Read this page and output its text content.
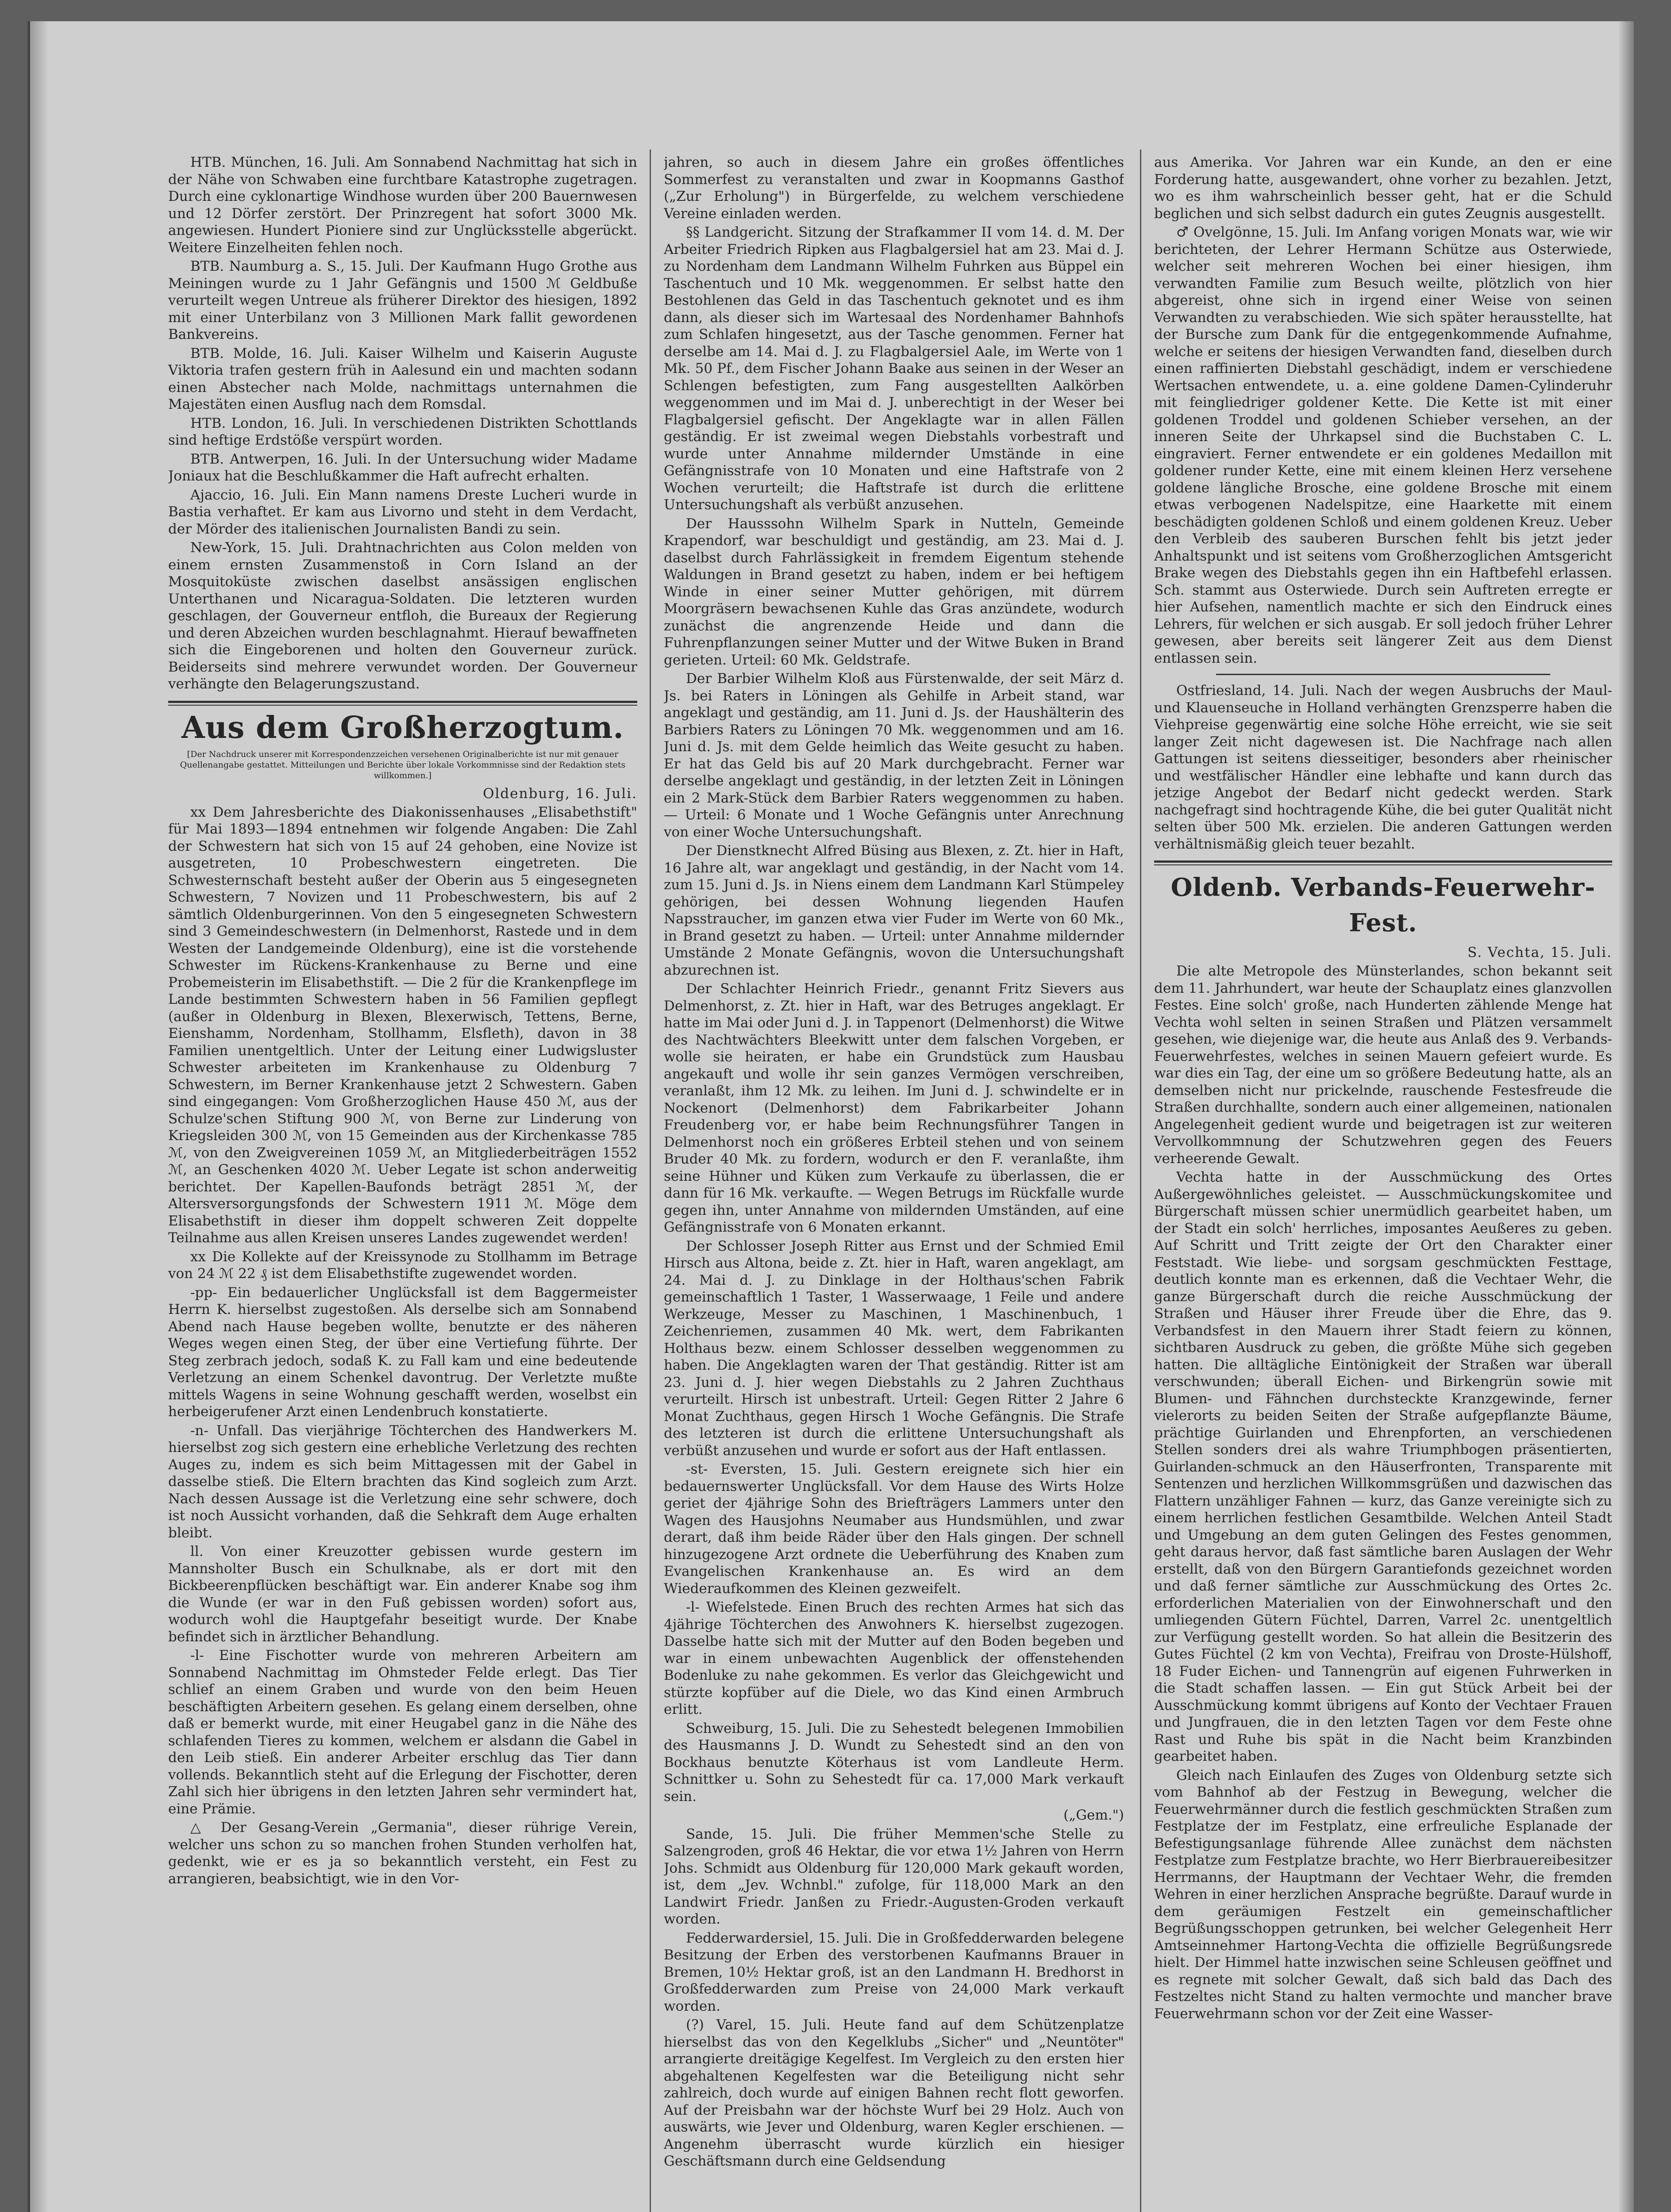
HTB. München, 16. Juli. Am Sonnabend Nachmittag hat sich in der Nähe von Schwaben eine furchtbare Katastrophe zugetragen. Durch eine cyklonartige Windhose wurden über 200 Bauernwesen und 12 Dörfer zerstört. Der Prinzregent hat sofort 3000 Mk. angewiesen. Hundert Pioniere sind zur Unglücksstelle abgerückt. Weitere Einzelheiten fehlen noch.

BTB. Naumburg a. S., 15. Juli. Der Kaufmann Hugo Grothe aus Meiningen wurde zu 1 Jahr Gefängnis und 1500 ℳ Geldbuße verurteilt wegen Untreue als früherer Direktor des hiesigen, 1892 mit einer Unterbilanz von 3 Millionen Mark fallit gewordenen Bankvereins.

BTB. Molde, 16. Juli. Kaiser Wilhelm und Kaiserin Auguste Viktoria trafen gestern früh in Aalesund ein und machten sodann einen Abstecher nach Molde, nachmittags unternahmen die Majestäten einen Ausflug nach dem Romsdal.

HTB. London, 16. Juli. In verschiedenen Distrikten Schottlands sind heftige Erdstöße verspürt worden.

BTB. Antwerpen, 16. Juli. In der Untersuchung wider Madame Joniaux hat die Beschlußkammer die Haft aufrecht erhalten.

Ajaccio, 16. Juli. Ein Mann namens Dreste Lucheri wurde in Bastia verhaftet. Er kam aus Livorno und steht in dem Verdacht, der Mörder des italienischen Journalisten Bandi zu sein.

New-York, 15. Juli. Drahtnachrichten aus Colon melden von einem ernsten Zusammenstoß in Corn Island an der Mosquitoküste zwischen daselbst ansässigen englischen Unterthanen und Nicaragua-Soldaten. Die letzteren wurden geschlagen, der Gouverneur entfloh, die Bureaux der Regierung und deren Abzeichen wurden beschlagnahmt. Hierauf bewaffneten sich die Eingeborenen und holten den Gouverneur zurück. Beiderseits sind mehrere verwundet worden. Der Gouverneur verhängte den Belagerungszustand.

Aus dem Großherzogtum.
[Der Nachdruck unserer mit Korrespondenzzeichen versehenen Originalberichte ist nur mit genauer Quellenangabe gestattet. Mitteilungen und Berichte über lokale Vorkommnisse sind der Redaktion stets willkommen.]
Oldenburg, 16. Juli.

xx Dem Jahresberichte des Diakonissenhauses „Elisabethstift" für Mai 1893—1894 entnehmen wir folgende Angaben: Die Zahl der Schwestern hat sich von 15 auf 24 gehoben, eine Novize ist ausgetreten, 10 Probeschwestern eingetreten. Die Schwesternschaft besteht außer der Oberin aus 5 eingesegneten Schwestern, 7 Novizen und 11 Probeschwestern, bis auf 2 sämtlich Oldenburgerinnen. Von den 5 eingesegneten Schwestern sind 3 Gemeindeschwestern (in Delmenhorst, Rastede und in dem Westen der Landgemeinde Oldenburg), eine ist die vorstehende Schwester im Rückens-Krankenhause zu Berne und eine Probemeisterin im Elisabethstift. — Die 2 für die Krankenpflege im Lande bestimmten Schwestern haben in 56 Familien gepflegt (außer in Oldenburg in Blexen, Blexerwisch, Tettens, Berne, Eienshamm, Nordenham, Stollhamm, Elsfleth), davon in 38 Familien unentgeltlich. Unter der Leitung einer Ludwigsluster Schwester arbeiteten im Krankenhause zu Oldenburg 7 Schwestern, im Berner Krankenhause jetzt 2 Schwestern. Gaben sind eingegangen: Vom Großherzoglichen Hause 450 ℳ, aus der Schulze'schen Stiftung 900 ℳ, von Berne zur Linderung von Kriegsleiden 300 ℳ, von 15 Gemeinden aus der Kirchenkasse 785 ℳ, von den Zweigvereinen 1059 ℳ, an Mitgliederbeiträgen 1552 ℳ, an Geschenken 4020 ℳ. Ueber Legate ist schon anderweitig berichtet. Der Kapellen-Baufonds beträgt 2851 ℳ, der Altersversorgungsfonds der Schwestern 1911 ℳ. Möge dem Elisabethstift in dieser ihm doppelt schweren Zeit doppelte Teilnahme aus allen Kreisen unseres Landes zugewendet werden!

xx Die Kollekte auf der Kreissynode zu Stollhamm im Betrage von 24 ℳ 22 ₰ ist dem Elisabethstifte zugewendet worden.

-pp- Ein bedauerlicher Unglücksfall ist dem Baggermeister Herrn K. hierselbst zugestoßen. Als derselbe sich am Sonnabend Abend nach Hause begeben wollte, benutzte er des näheren Weges wegen einen Steg, der über eine Vertiefung führte. Der Steg zerbrach jedoch, sodaß K. zu Fall kam und eine bedeutende Verletzung an einem Schenkel davontrug. Der Verletzte mußte mittels Wagens in seine Wohnung geschafft werden, woselbst ein herbeigerufener Arzt einen Lendenbruch konstatierte.

-n- Unfall. Das vierjährige Töchterchen des Handwerkers M. hierselbst zog sich gestern eine erhebliche Verletzung des rechten Auges zu, indem es sich beim Mittagessen mit der Gabel in dasselbe stieß. Die Eltern brachten das Kind sogleich zum Arzt. Nach dessen Aussage ist die Verletzung eine sehr schwere, doch ist noch Aussicht vorhanden, daß die Sehkraft dem Auge erhalten bleibt.

ll. Von einer Kreuzotter gebissen wurde gestern im Mannsholter Busch ein Schulknabe, als er dort mit den Bickbeerenpflücken beschäftigt war. Ein anderer Knabe sog ihm die Wunde (er war in den Fuß gebissen worden) sofort aus, wodurch wohl die Hauptgefahr beseitigt wurde. Der Knabe befindet sich in ärztlicher Behandlung.

-l- Eine Fischotter wurde von mehreren Arbeitern am Sonnabend Nachmittag im Ohmsteder Felde erlegt. Das Tier schlief an einem Graben und wurde von den beim Heuen beschäftigten Arbeitern gesehen. Es gelang einem derselben, ohne daß er bemerkt wurde, mit einer Heugabel ganz in die Nähe des schlafenden Tieres zu kommen, welchem er alsdann die Gabel in den Leib stieß. Ein anderer Arbeiter erschlug das Tier dann vollends. Bekanntlich steht auf die Erlegung der Fischotter, deren Zahl sich hier übrigens in den letzten Jahren sehr vermindert hat, eine Prämie.

△ Der Gesang-Verein „Germania", dieser rührige Verein, welcher uns schon zu so manchen frohen Stunden verholfen hat, gedenkt, wie er es ja so bekanntlich versteht, ein Fest zu arrangieren, beabsichtigt, wie in den Vor-

jahren, so auch in diesem Jahre ein großes öffentliches Sommerfest zu veranstalten und zwar in Koopmanns Gasthof („Zur Erholung") in Bürgerfelde, zu welchem verschiedene Vereine einladen werden.

§§ Landgericht. Sitzung der Strafkammer II vom 14. d. M. Der Arbeiter Friedrich Ripken aus Flagbalgersiel hat am 23. Mai d. J. zu Nordenham dem Landmann Wilhelm Fuhrken aus Büppel ein Taschentuch und 10 Mk. weggenommen. Er selbst hatte den Bestohlenen das Geld in das Taschentuch geknotet und es ihm dann, als dieser sich im Wartesaal des Nordenhamer Bahnhofs zum Schlafen hingesetzt, aus der Tasche genommen. Ferner hat derselbe am 14. Mai d. J. zu Flagbalgersiel Aale, im Werte von 1 Mk. 50 Pf., dem Fischer Johann Baake aus seinen in der Weser an Schlengen befestigten, zum Fang ausgestellten Aalkörben weggenommen und im Mai d. J. unberechtigt in der Weser bei Flagbalgersiel gefischt. Der Angeklagte war in allen Fällen geständig. Er ist zweimal wegen Diebstahls vorbestraft und wurde unter Annahme mildernder Umstände in eine Gefängnisstrafe von 10 Monaten und eine Haftstrafe von 2 Wochen verurteilt; die Haftstrafe ist durch die erlittene Untersuchungshaft als verbüßt anzusehen.

Der Hausssohn Wilhelm Spark in Nutteln, Gemeinde Krapendorf, war beschuldigt und geständig, am 23. Mai d. J. daselbst durch Fahrlässigkeit in fremdem Eigentum stehende Waldungen in Brand gesetzt zu haben, indem er bei heftigem Winde in einer seiner Mutter gehörigen, mit dürrem Moorgräsern bewachsenen Kuhle das Gras anzündete, wodurch zunächst die angrenzende Heide und dann die Fuhrenpflanzungen seiner Mutter und der Witwe Buken in Brand gerieten. Urteil: 60 Mk. Geldstrafe.

Der Barbier Wilhelm Kloß aus Fürstenwalde, der seit März d. Js. bei Raters in Löningen als Gehilfe in Arbeit stand, war angeklagt und geständig, am 11. Juni d. Js. der Haushälterin des Barbiers Raters zu Löningen 70 Mk. weggenommen und am 16. Juni d. Js. mit dem Gelde heimlich das Weite gesucht zu haben. Er hat das Geld bis auf 20 Mark durchgebracht. Ferner war derselbe angeklagt und geständig, in der letzten Zeit in Löningen ein 2 Mark-Stück dem Barbier Raters weggenommen zu haben. — Urteil: 6 Monate und 1 Woche Gefängnis unter Anrechnung von einer Woche Untersuchungshaft.

Der Dienstknecht Alfred Büsing aus Blexen, z. Zt. hier in Haft, 16 Jahre alt, war angeklagt und geständig, in der Nacht vom 14. zum 15. Juni d. Js. in Niens einem dem Landmann Karl Stümpeley gehörigen, bei dessen Wohnung liegenden Haufen Napsstraucher, im ganzen etwa vier Fuder im Werte von 60 Mk., in Brand gesetzt zu haben. — Urteil: unter Annahme mildernder Umstände 2 Monate Gefängnis, wovon die Untersuchungshaft abzurechnen ist.

Der Schlachter Heinrich Friedr., genannt Fritz Sievers aus Delmenhorst, z. Zt. hier in Haft, war des Betruges angeklagt. Er hatte im Mai oder Juni d. J. in Tappenort (Delmenhorst) die Witwe des Nachtwächters Bleekwitt unter dem falschen Vorgeben, er wolle sie heiraten, er habe ein Grundstück zum Hausbau angekauft und wolle ihr sein ganzes Vermögen verschreiben, veranlaßt, ihm 12 Mk. zu leihen. Im Juni d. J. schwindelte er in Nockenort (Delmenhorst) dem Fabrikarbeiter Johann Freudenberg vor, er habe beim Rechnungsführer Tangen in Delmenhorst noch ein größeres Erbteil stehen und von seinem Bruder 40 Mk. zu fordern, wodurch er den F. veranlaßte, ihm seine Hühner und Küken zum Verkaufe zu überlassen, die er dann für 16 Mk. verkaufte. — Wegen Betrugs im Rückfalle wurde gegen ihn, unter Annahme von mildernden Umständen, auf eine Gefängnisstrafe von 6 Monaten erkannt.

Der Schlosser Joseph Ritter aus Ernst und der Schmied Emil Hirsch aus Altona, beide z. Zt. hier in Haft, waren angeklagt, am 24. Mai d. J. zu Dinklage in der Holthaus'schen Fabrik gemeinschaftlich 1 Taster, 1 Wasserwaage, 1 Feile und andere Werkzeuge, Messer zu Maschinen, 1 Maschinenbuch, 1 Zeichenriemen, zusammen 40 Mk. wert, dem Fabrikanten Holthaus bezw. einem Schlosser desselben weggenommen zu haben. Die Angeklagten waren der That geständig. Ritter ist am 23. Juni d. J. hier wegen Diebstahls zu 2 Jahren Zuchthaus verurteilt. Hirsch ist unbestraft. Urteil: Gegen Ritter 2 Jahre 6 Monat Zuchthaus, gegen Hirsch 1 Woche Gefängnis. Die Strafe des letzteren ist durch die erlittene Untersuchungshaft als verbüßt anzusehen und wurde er sofort aus der Haft entlassen.

-st- Eversten, 15. Juli. Gestern ereignete sich hier ein bedauernswerter Unglücksfall. Vor dem Hause des Wirts Holze geriet der 4jährige Sohn des Briefträgers Lammers unter den Wagen des Hausjohns Neumaber aus Hundsmühlen, und zwar derart, daß ihm beide Räder über den Hals gingen. Der schnell hinzugezogene Arzt ordnete die Ueberführung des Knaben zum Evangelischen Krankenhause an. Es wird an dem Wiederaufkommen des Kleinen gezweifelt.

-l- Wiefelstede. Einen Bruch des rechten Armes hat sich das 4jährige Töchterchen des Anwohners K. hierselbst zugezogen. Dasselbe hatte sich mit der Mutter auf den Boden begeben und war in einem unbewachten Augenblick der offenstehenden Bodenluke zu nahe gekommen. Es verlor das Gleichgewicht und stürzte kopfüber auf die Diele, wo das Kind einen Armbruch erlitt.

Schweiburg, 15. Juli. Die zu Sehestedt belegenen Immobilien des Hausmanns J. D. Wundt zu Sehestedt sind an den von Bockhaus benutzte Köterhaus ist vom Landleute Herm. Schnittker u. Sohn zu Sehestedt für ca. 17,000 Mark verkauft sein.

(„Gem.")

Sande, 15. Juli. Die früher Memmen'sche Stelle zu Salzengroden, groß 46 Hektar, die vor etwa 1½ Jahren von Herrn Johs. Schmidt aus Oldenburg für 120,000 Mark gekauft worden, ist, dem „Jev. Wchnbl." zufolge, für 118,000 Mark an den Landwirt Friedr. Janßen zu Friedr.-Augusten-Groden verkauft worden.

Fedderwardersiel, 15. Juli. Die in Großfedderwarden belegene Besitzung der Erben des verstorbenen Kaufmanns Brauer in Bremen, 10½ Hektar groß, ist an den Landmann H. Bredhorst in Großfedderwarden zum Preise von 24,000 Mark verkauft worden.

(?) Varel, 15. Juli. Heute fand auf dem Schützenplatze hierselbst das von den Kegelklubs „Sicher" und „Neuntöter" arrangierte dreitägige Kegelfest. Im Vergleich zu den ersten hier abgehaltenen Kegelfesten war die Beteiligung nicht sehr zahlreich, doch wurde auf einigen Bahnen recht flott geworfen. Auf der Preisbahn war der höchste Wurf bei 29 Holz. Auch von auswärts, wie Jever und Oldenburg, waren Kegler erschienen. — Angenehm überrascht wurde kürzlich ein hiesiger Geschäftsmann durch eine Geldsendung

aus Amerika. Vor Jahren war ein Kunde, an den er eine Forderung hatte, ausgewandert, ohne vorher zu bezahlen. Jetzt, wo es ihm wahrscheinlich besser geht, hat er die Schuld beglichen und sich selbst dadurch ein gutes Zeugnis ausgestellt.

♂ Ovelgönne, 15. Juli. Im Anfang vorigen Monats war, wie wir berichteten, der Lehrer Hermann Schütze aus Osterwiede, welcher seit mehreren Wochen bei einer hiesigen, ihm verwandten Familie zum Besuch weilte, plötzlich von hier abgereist, ohne sich in irgend einer Weise von seinen Verwandten zu verabschieden. Wie sich später herausstellte, hat der Bursche zum Dank für die entgegenkommende Aufnahme, welche er seitens der hiesigen Verwandten fand, dieselben durch einen raffinierten Diebstahl geschädigt, indem er verschiedene Wertsachen entwendete, u. a. eine goldene Damen-Cylinderuhr mit feingliedriger goldener Kette. Die Kette ist mit einer goldenen Troddel und goldenen Schieber versehen, an der inneren Seite der Uhrkapsel sind die Buchstaben C. L. eingraviert. Ferner entwendete er ein goldenes Medaillon mit goldener runder Kette, eine mit einem kleinen Herz versehene goldene längliche Brosche, eine goldene Brosche mit einem etwas verbogenen Nadelspitze, eine Haarkette mit einem beschädigten goldenen Schloß und einem goldenen Kreuz. Ueber den Verbleib des sauberen Burschen fehlt bis jetzt jeder Anhaltspunkt und ist seitens vom Großherzoglichen Amtsgericht Brake wegen des Diebstahls gegen ihn ein Haftbefehl erlassen. Sch. stammt aus Osterwiede. Durch sein Auftreten erregte er hier Aufsehen, namentlich machte er sich den Eindruck eines Lehrers, für welchen er sich ausgab. Er soll jedoch früher Lehrer gewesen, aber bereits seit längerer Zeit aus dem Dienst entlassen sein.

Ostfriesland, 14. Juli. Nach der wegen Ausbruchs der Maul- und Klauenseuche in Holland verhängten Grenzsperre haben die Viehpreise gegenwärtig eine solche Höhe erreicht, wie sie seit langer Zeit nicht dagewesen ist. Die Nachfrage nach allen Gattungen ist seitens diesseitiger, besonders aber rheinischer und westfälischer Händler eine lebhafte und kann durch das jetzige Angebot der Bedarf nicht gedeckt werden. Stark nachgefragt sind hochtragende Kühe, die bei guter Qualität nicht selten über 500 Mk. erzielen. Die anderen Gattungen werden verhältnismäßig gleich teuer bezahlt.

Oldenb. Verbands-Feuerwehr-Fest.
S. Vechta, 15. Juli.

Die alte Metropole des Münsterlandes, schon bekannt seit dem 11. Jahrhundert, war heute der Schauplatz eines glanzvollen Festes. Eine solch' große, nach Hunderten zählende Menge hat Vechta wohl selten in seinen Straßen und Plätzen versammelt gesehen, wie diejenige war, die heute aus Anlaß des 9. Verbands-Feuerwehrfestes, welches in seinen Mauern gefeiert wurde. Es war dies ein Tag, der eine um so größere Bedeutung hatte, als an demselben nicht nur prickelnde, rauschende Festesfreude die Straßen durchhallte, sondern auch einer allgemeinen, nationalen Angelegenheit gedient wurde und beigetragen ist zur weiteren Vervollkommnung der Schutzwehren gegen des Feuers verheerende Gewalt.

Vechta hatte in der Ausschmückung des Ortes Außergewöhnliches geleistet. — Ausschmückungskomitee und Bürgerschaft müssen schier unermüdlich gearbeitet haben, um der Stadt ein solch' herrliches, imposantes Aeußeres zu geben. Auf Schritt und Tritt zeigte der Ort den Charakter einer Feststadt. Wie liebe- und sorgsam geschmückten Festtage, deutlich konnte man es erkennen, daß die Vechtaer Wehr, die ganze Bürgerschaft durch die reiche Ausschmückung der Straßen und Häuser ihrer Freude über die Ehre, das 9. Verbandsfest in den Mauern ihrer Stadt feiern zu können, sichtbaren Ausdruck zu geben, die größte Mühe sich gegeben hatten. Die alltägliche Eintönigkeit der Straßen war überall verschwunden; überall Eichen- und Birkengrün sowie mit Blumen- und Fähnchen durchsteckte Kranzgewinde, ferner vielerorts zu beiden Seiten der Straße aufgepflanzte Bäume, prächtige Guirlanden und Ehrenpforten, an verschiedenen Stellen sonders drei als wahre Triumphbogen präsentierten, Guirlanden-schmuck an den Häuserfronten, Transparente mit Sentenzen und herzlichen Willkommsgrüßen und dazwischen das Flattern unzähliger Fahnen — kurz, das Ganze vereinigte sich zu einem herrlichen festlichen Gesamtbilde. Welchen Anteil Stadt und Umgebung an dem guten Gelingen des Festes genommen, geht daraus hervor, daß fast sämtliche baren Auslagen der Wehr erstellt, daß von den Bürgern Garantiefonds gezeichnet worden und daß ferner sämtliche zur Ausschmückung des Ortes 2c. erforderlichen Materialien von der Einwohnerschaft und den umliegenden Gütern Füchtel, Darren, Varrel 2c. unentgeltlich zur Verfügung gestellt worden. So hat allein die Besitzerin des Gutes Füchtel (2 km von Vechta), Freifrau von Droste-Hülshoff, 18 Fuder Eichen- und Tannengrün auf eigenen Fuhrwerken in die Stadt schaffen lassen. — Ein gut Stück Arbeit bei der Ausschmückung kommt übrigens auf Konto der Vechtaer Frauen und Jungfrauen, die in den letzten Tagen vor dem Feste ohne Rast und Ruhe bis spät in die Nacht beim Kranzbinden gearbeitet haben.

Gleich nach Einlaufen des Zuges von Oldenburg setzte sich vom Bahnhof ab der Festzug in Bewegung, welcher die Feuerwehrmänner durch die festlich geschmückten Straßen zum Festplatze der im Festplatz, eine erfreuliche Esplanade der Befestigungsanlage führende Allee zunächst dem nächsten Festplatze zum Festplatze brachte, wo Herr Bierbrauereibesitzer Herrmanns, der Hauptmann der Vechtaer Wehr, die fremden Wehren in einer herzlichen Ansprache begrüßte. Darauf wurde in dem geräumigen Festzelt ein gemeinschaftlicher Begrüßungsschoppen getrunken, bei welcher Gelegenheit Herr Amtseinnehmer Hartong-Vechta die offizielle Begrüßungsrede hielt. Der Himmel hatte inzwischen seine Schleusen geöffnet und es regnete mit solcher Gewalt, daß sich bald das Dach des Festzeltes nicht Stand zu halten vermochte und mancher brave Feuerwehrmann schon vor der Zeit eine Wasser-
